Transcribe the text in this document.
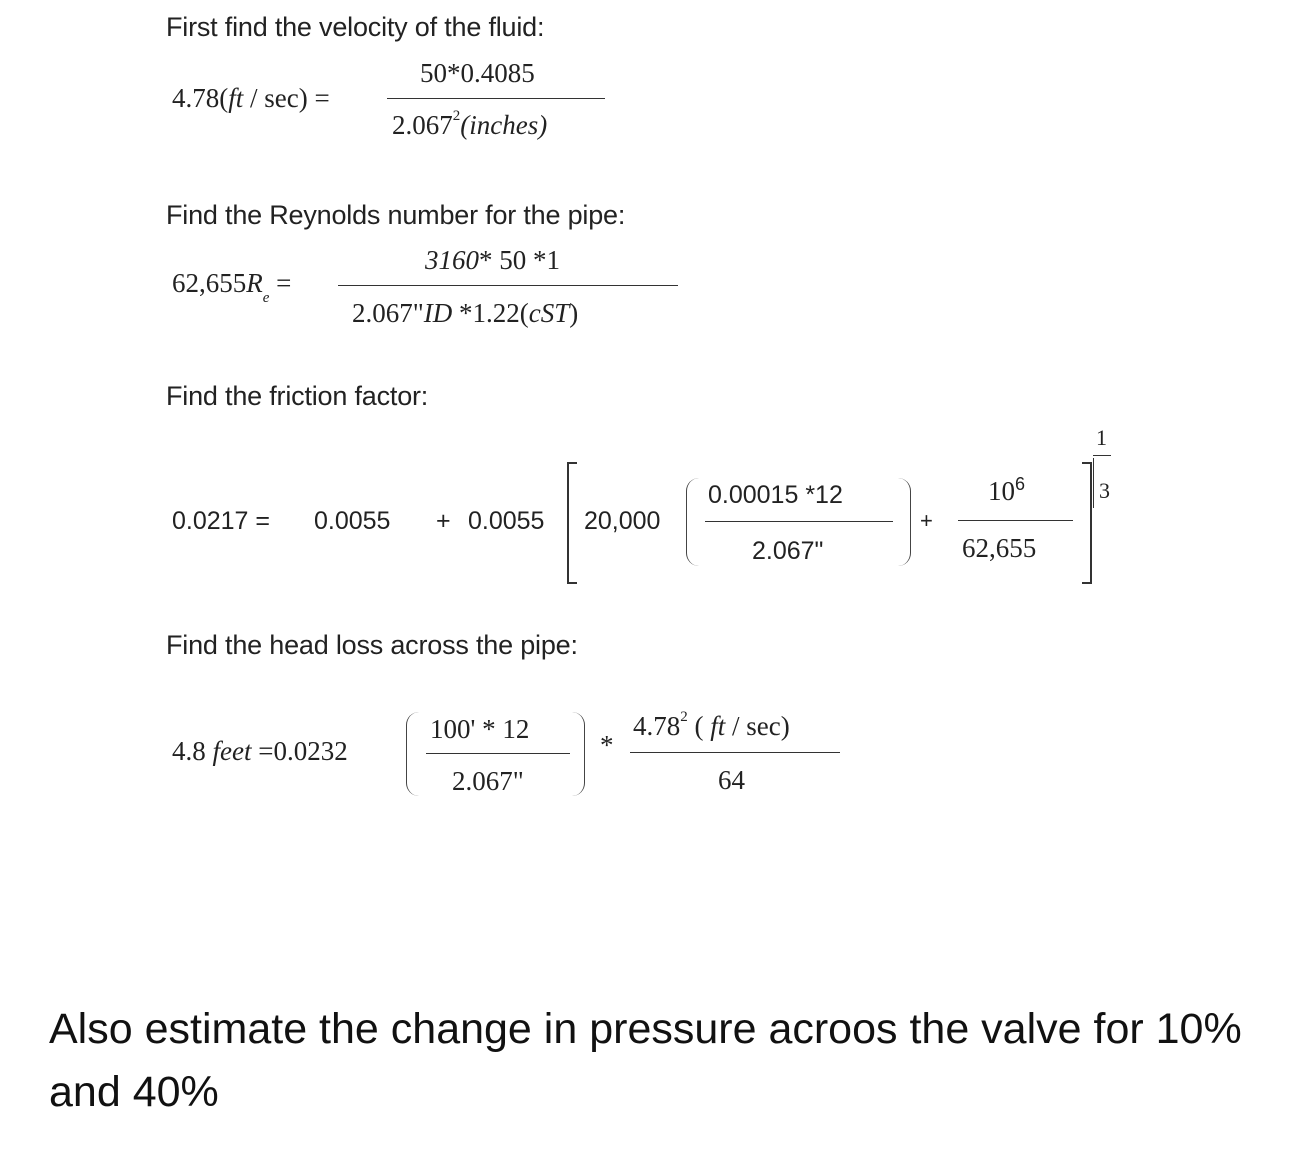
First find the velocity of the fluid:
4.78(ft / sec) =
50*0.4085
2.067$^2$(inches)
Find the Reynolds number for the pipe:
$62,655R_e$ =
3160* 50 *1
2.067"ID *1.22(cST)
Find the friction factor:
0.0217 = 0.0055 + 0.0055 20,000
0.00015 *12
2.067"
+
$10^6$
62,655
1
3
Find the head loss across the pipe:
4.8 feet =0.0232
100' * 12
2.067"
*
4.78$^2$ ( ft / sec)
64
Also estimate the change in pressure acroos the valve for 10% and 40%
